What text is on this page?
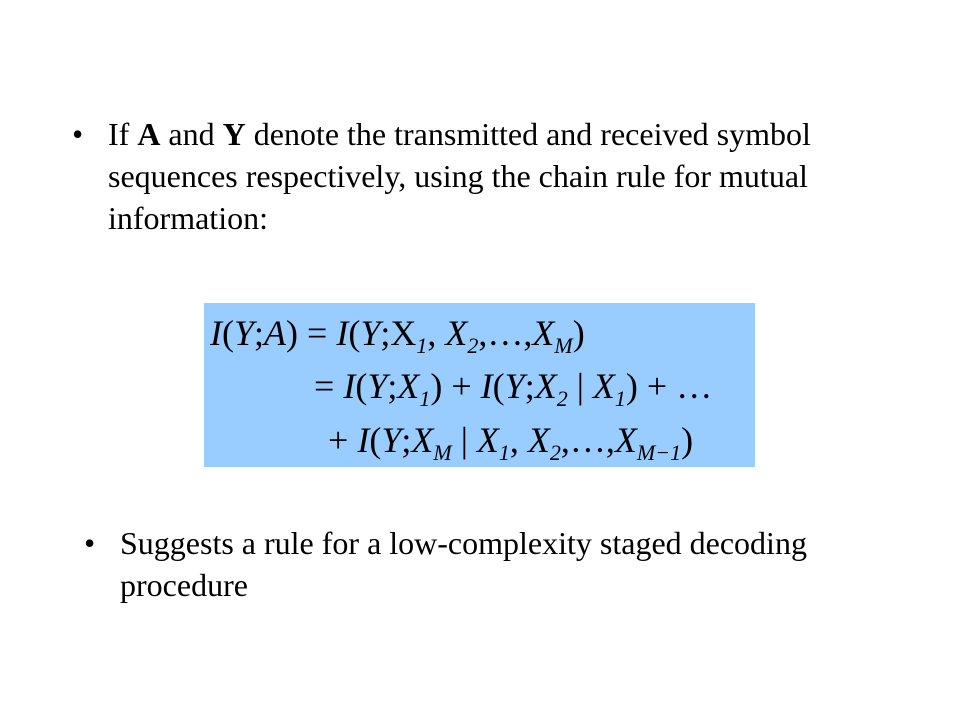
• If A and Y denote the transmitted and received symbol sequences respectively, using the chain rule for mutual information:
I(Y;A) = $I(Y;X_1$, $X_2,\dots,X_M$)
= $I(Y;X_1)$ + $I(Y;X_2$ | $X_1$) + …
+ $I(Y;X_M$ | $X_1$, $X_2,\dots,X_{M-1}$)
• Suggests a rule for a low-complexity staged decoding procedure
